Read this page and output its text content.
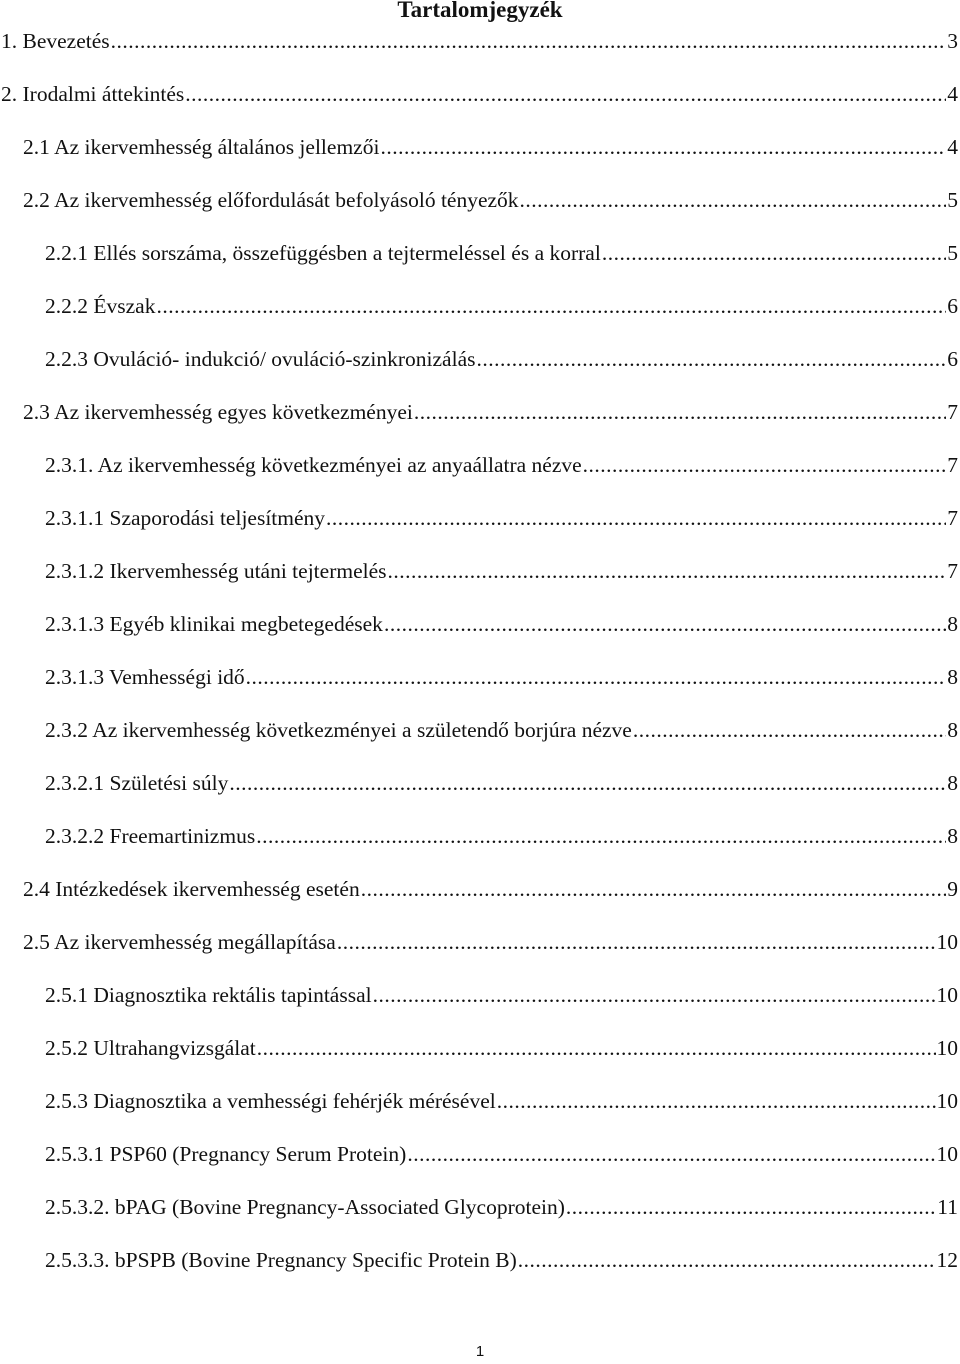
Tartalomjegyzék
1. Bevezetés .....	3
2. Irodalmi áttekintés .....	4
2.1 Az ikervemhesség általános jellemzői .....	4
2.2 Az ikervemhesség előfordulását befolyásoló tényezők .....	5
2.2.1 Ellés sorszáma, összefüggésben a tejtermeléssel és a korral .....	5
2.2.2 Évszak .....	6
2.2.3 Ovuláció- indukció/ ovuláció-szinkronizálás .....	6
2.3 Az ikervemhesség egyes következményei .....	7
2.3.1. Az ikervemhesség következményei az anyaállatra nézve .....	7
2.3.1.1 Szaporodási teljesítmény .....	7
2.3.1.2 Ikervemhesség utáni tejtermelés .....	7
2.3.1.3 Egyéb klinikai megbetegedések .....	8
2.3.1.3 Vemhességi idő .....	8
2.3.2 Az ikervemhesség következményei a születendő borjúra nézve .....	8
2.3.2.1 Születési súly .....	8
2.3.2.2 Freemartinizmus .....	8
2.4 Intézkedések ikervemhesség esetén .....	9
2.5 Az ikervemhesség megállapítása .....	10
2.5.1 Diagnosztika rektális tapintással .....	10
2.5.2 Ultrahangvizsgálat .....	10
2.5.3 Diagnosztika a vemhességi fehérjék mérésével .....	10
2.5.3.1 PSP60 (Pregnancy Serum Protein) .....	10
2.5.3.2. bPAG (Bovine Pregnancy-Associated Glycoprotein) .....	11
2.5.3.3. bPSPB (Bovine Pregnancy Specific Protein B) .....	12
1
